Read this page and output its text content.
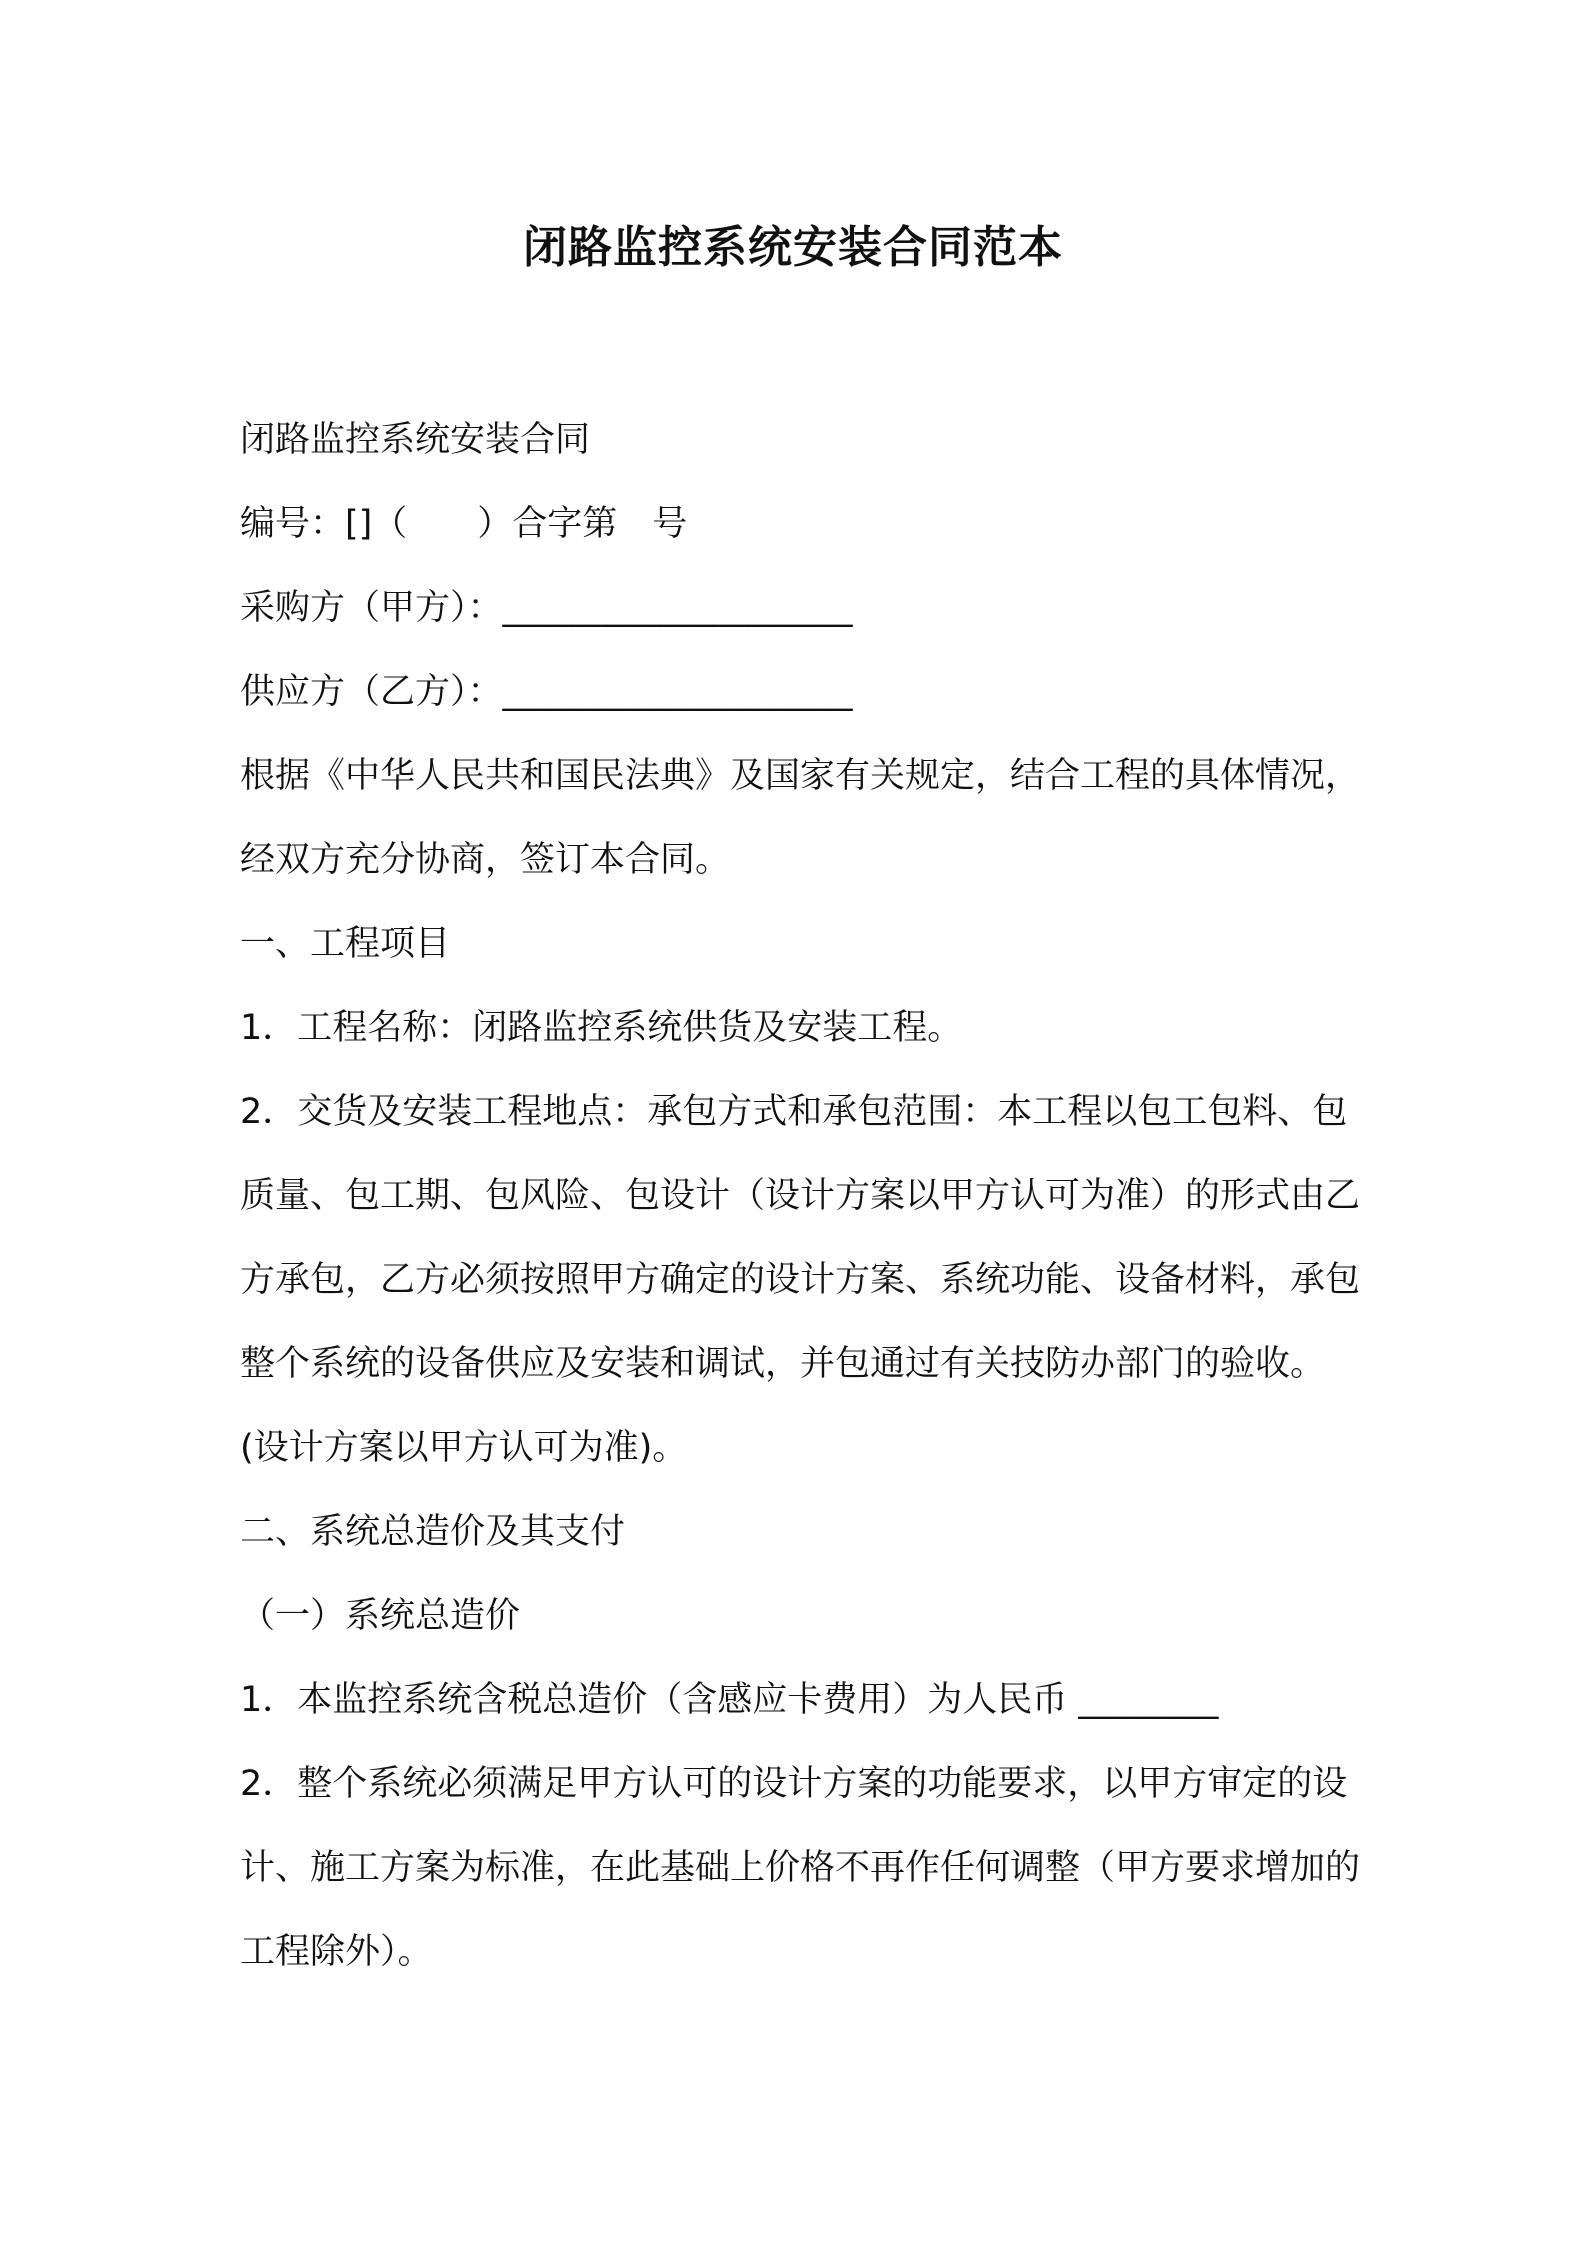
闭路监控系统安装合同范本
闭路监控系统安装合同
编号：[]（　　）合字第　号
采购方（甲方）：____________________
供应方（乙方）：____________________
根据《中华人民共和国民法典》及国家有关规定，结合工程的具体情况，经双方充分协商，签订本合同。
一、工程项目
1．工程名称：闭路监控系统供货及安装工程。
2．交货及安装工程地点：承包方式和承包范围：本工程以包工包料、包质量、包工期、包风险、包设计（设计方案以甲方认可为准）的形式由乙方承包，乙方必须按照甲方确定的设计方案、系统功能、设备材料，承包整个系统的设备供应及安装和调试，并包通过有关技防办部门的验收。(设计方案以甲方认可为准)。
二、系统总造价及其支付
（一）系统总造价
1．本监控系统含税总造价（含感应卡费用）为人民币 ________
2．整个系统必须满足甲方认可的设计方案的功能要求，以甲方审定的设计、施工方案为标准，在此基础上价格不再作任何调整（甲方要求增加的工程除外）。
